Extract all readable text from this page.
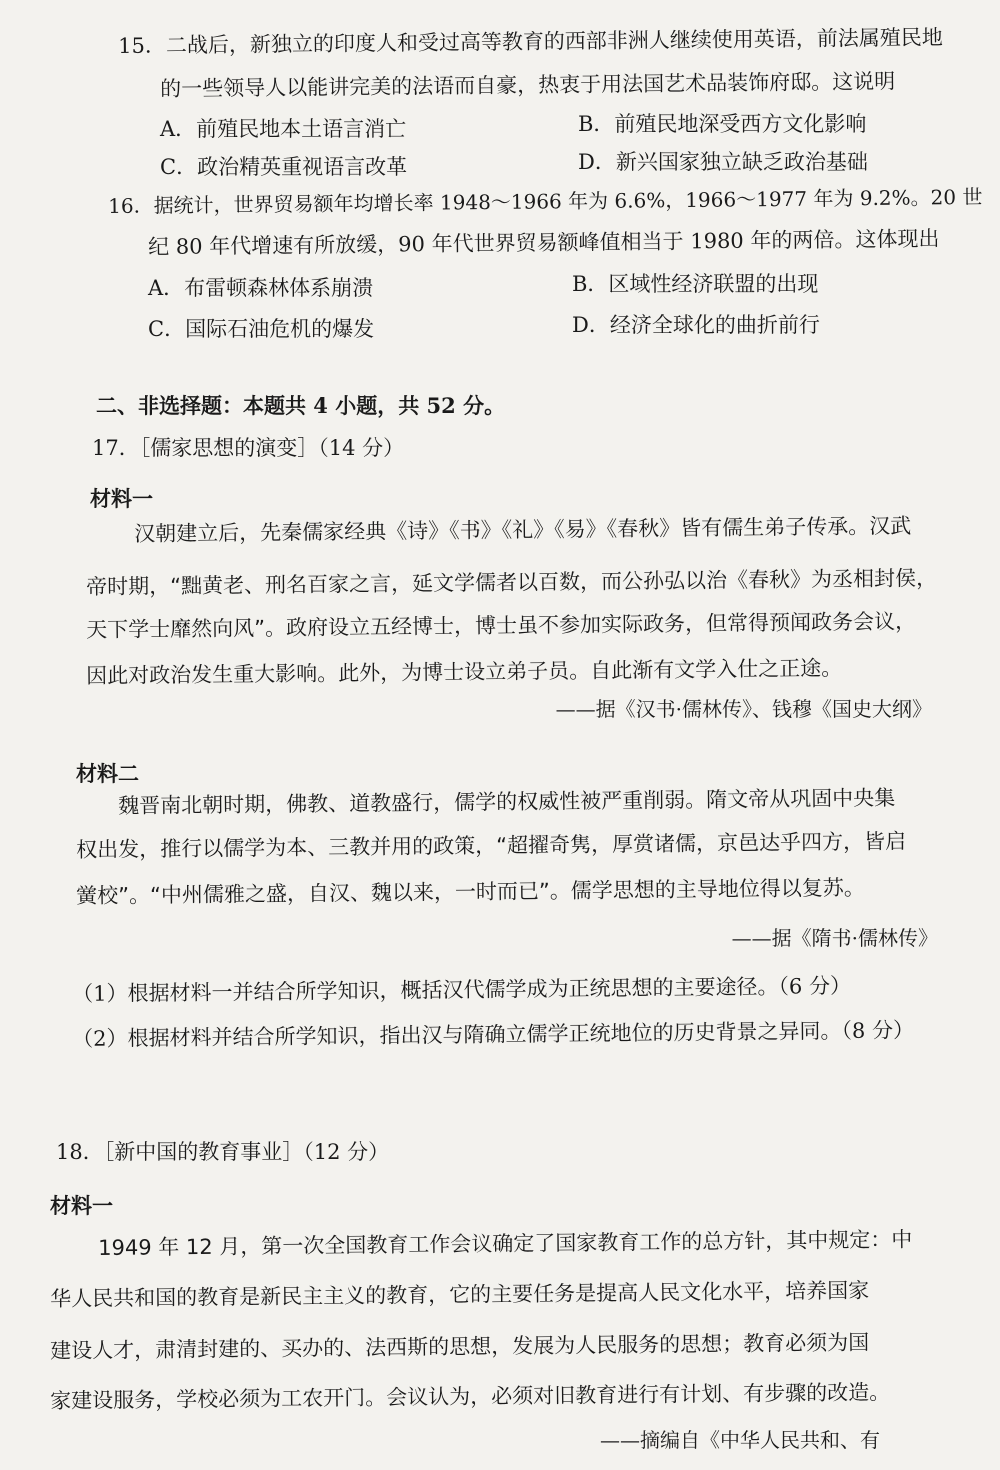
15．二战后，新独立的印度人和受过高等教育的西部非洲人继续使用英语，前法属殖民地
的一些领导人以能讲完美的法语而自豪，热衷于用法国艺术品装饰府邸。这说明
A．前殖民地本土语言消亡	B．前殖民地深受西方文化影响
C．政治精英重视语言改革	D．新兴国家独立缺乏政治基础
16．据统计，世界贸易额年均增长率 1948～1966 年为 6.6%，1966～1977 年为 9.2%。20 世
纪 80 年代增速有所放缓，90 年代世界贸易额峰值相当于 1980 年的两倍。这体现出
A．布雷顿森林体系崩溃	B．区域性经济联盟的出现
C．国际石油危机的爆发	D．经济全球化的曲折前行
二、非选择题：本题共 4 小题，共 52 分。
17．［儒家思想的演变］（14 分）
材料一
汉朝建立后，先秦儒家经典《诗》《书》《礼》《易》《春秋》皆有儒生弟子传承。汉武
帝时期，“黜黄老、刑名百家之言，延文学儒者以百数，而公孙弘以治《春秋》为丞相封侯，
天下学士靡然向风”。政府设立五经博士，博士虽不参加实际政务，但常得预闻政务会议，
因此对政治发生重大影响。此外，为博士设立弟子员。自此渐有文学入仕之正途。
——据《汉书·儒林传》、钱穆《国史大纲》
材料二
魏晋南北朝时期，佛教、道教盛行，儒学的权威性被严重削弱。隋文帝从巩固中央集
权出发，推行以儒学为本、三教并用的政策，“超擢奇隽，厚赏诸儒，京邑达乎四方，皆启
黉校”。“中州儒雅之盛，自汉、魏以来，一时而已”。儒学思想的主导地位得以复苏。
——据《隋书·儒林传》
（1）根据材料一并结合所学知识，概括汉代儒学成为正统思想的主要途径。（6 分）
（2）根据材料并结合所学知识，指出汉与隋确立儒学正统地位的历史背景之异同。（8 分）
18．［新中国的教育事业］（12 分）
材料一
1949 年 12 月，第一次全国教育工作会议确定了国家教育工作的总方针，其中规定：中
华人民共和国的教育是新民主主义的教育，它的主要任务是提高人民文化水平，培养国家
建设人才，肃清封建的、买办的、法西斯的思想，发展为人民服务的思想；教育必须为国
家建设服务，学校必须为工农开门。会议认为，必须对旧教育进行有计划、有步骤的改造。
——摘编自《中华人民共和、有
